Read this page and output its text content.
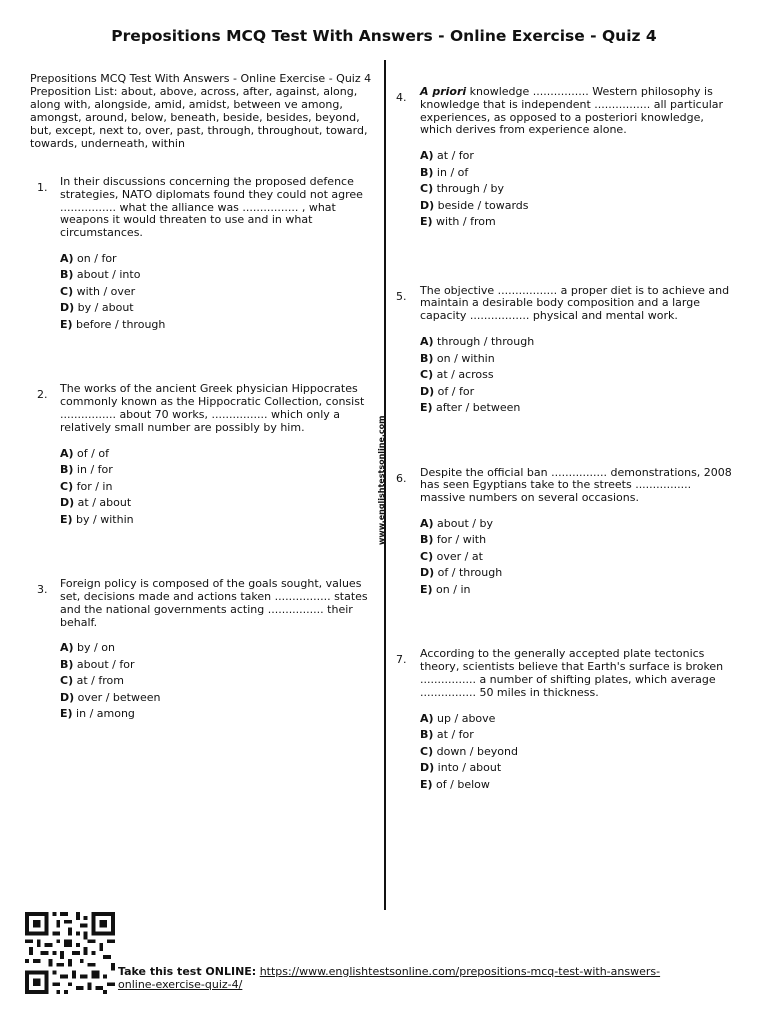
Prepositions MCQ Test With Answers - Online Exercise - Quiz 4
www.englishtestsonline.com
Prepositions MCQ Test With Answers - Online Exercise - Quiz 4 Preposition List: about, above, across, after, against, along, along with, alongside, amid, amidst, between ve among, amongst, around, below, beneath, beside, besides, beyond, but, except, next to, over, past, through, throughout, toward, towards, underneath, within
1. In their discussions concerning the proposed defence strategies, NATO diplomats found they could not agree ................ what the alliance was ................ , what weapons it would threaten to use and in what circumstances.
A) on / for
B) about / into
C) with / over
D) by / about
E) before / through
2. The works of the ancient Greek physician Hippocrates commonly known as the Hippocratic Collection, consist ................ about 70 works, ................ which only a relatively small number are possibly by him.
A) of / of
B) in / for
C) for / in
D) at / about
E) by / within
3. Foreign policy is composed of the goals sought, values set, decisions made and actions taken ................ states and the national governments acting ................ their behalf.
A) by / on
B) about / for
C) at / from
D) over / between
E) in / among
4. A priori knowledge ................ Western philosophy is knowledge that is independent ................ all particular experiences, as opposed to a posteriori knowledge, which derives from experience alone.
A) at / for
B) in / of
C) through / by
D) beside / towards
E) with / from
5. The objective ................. a proper diet is to achieve and maintain a desirable body composition and a large capacity ................. physical and mental work.
A) through / through
B) on / within
C) at / across
D) of / for
E) after / between
6. Despite the official ban ................ demonstrations, 2008 has seen Egyptians take to the streets ................ massive numbers on several occasions.
A) about / by
B) for / with
C) over / at
D) of / through
E) on / in
7. According to the generally accepted plate tectonics theory, scientists believe that Earth's surface is broken ................ a number of shifting plates, which average ................ 50 miles in thickness.
A) up / above
B) at / for
C) down / beyond
D) into / about
E) of / below
Take this test ONLINE: https://www.englishtestsonline.com/prepositions-mcq-test-with-answers-online-exercise-quiz-4/
